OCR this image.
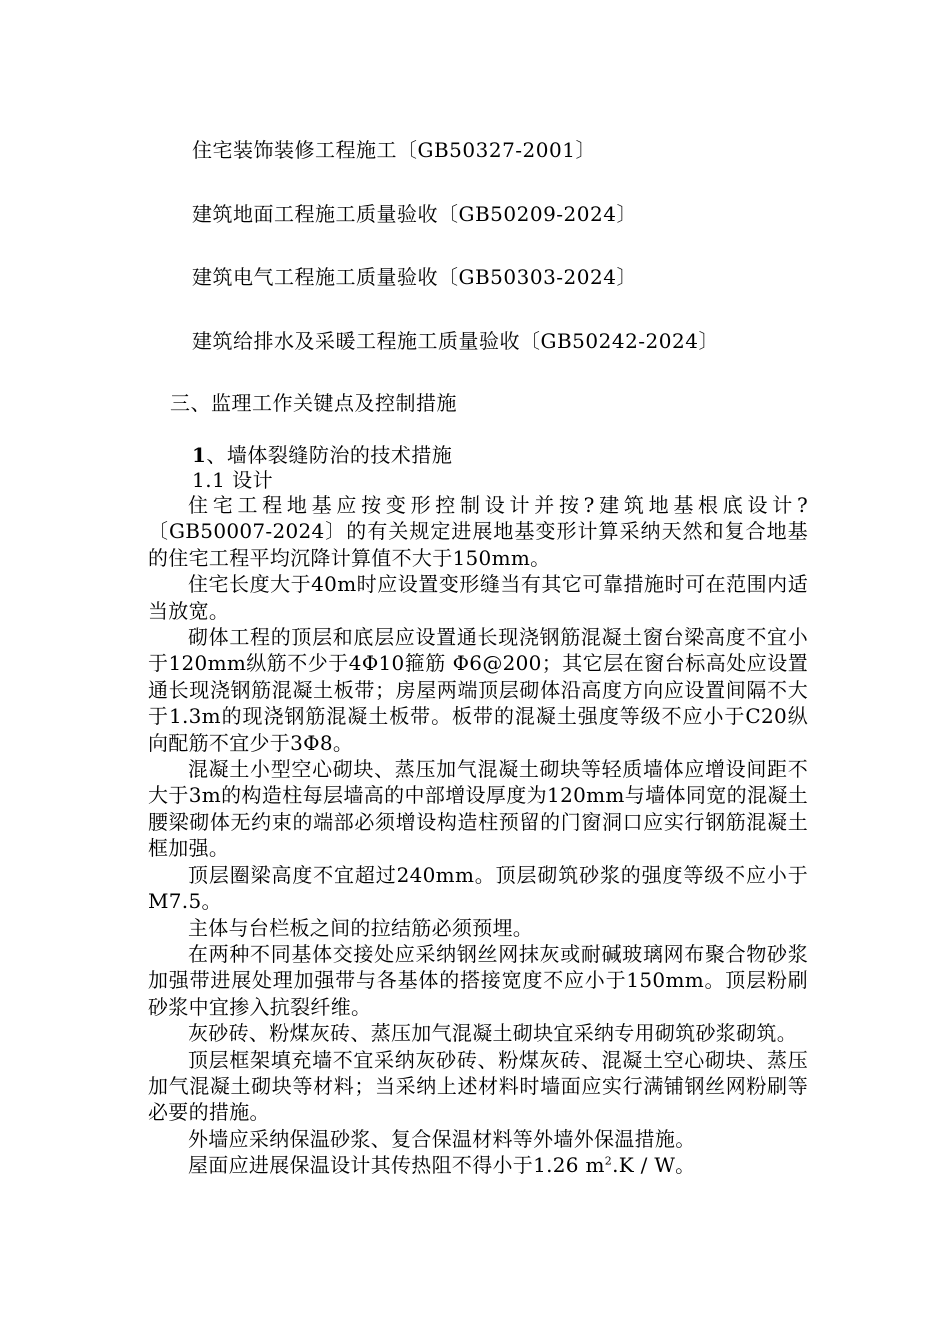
住宅装饰装修工程施工〔GB50327-2001〕
建筑地面工程施工质量验收〔GB50209-2024〕
建筑电气工程施工质量验收〔GB50303-2024〕
建筑给排水及采暖工程施工质量验收〔GB50242-2024〕
三、监理工作关键点及控制措施
1、墙体裂缝防治的技术措施
1.1 设计

住宅工程地基应按变形控制设计并按?建筑地基根底设计?〔GB50007-2024〕的有关规定进展地基变形计算采纳天然和复合地基的住宅工程平均沉降计算值不大于150mm。

住宅长度大于40m时应设置变形缝当有其它可靠措施时可在范围内适当放宽。

砌体工程的顶层和底层应设置通长现浇钢筋混凝土窗台梁高度不宜小于120mm纵筋不少于4Φ10箍筋 Φ6@200；其它层在窗台标高处应设置通长现浇钢筋混凝土板带；房屋两端顶层砌体沿高度方向应设置间隔不大于1.3m的现浇钢筋混凝土板带。板带的混凝土强度等级不应小于C20纵向配筋不宜少于3Φ8。

混凝土小型空心砌块、蒸压加气混凝土砌块等轻质墙体应增设间距不大于3m的构造柱每层墙高的中部增设厚度为120mm与墙体同宽的混凝土腰梁砌体无约束的端部必须增设构造柱预留的门窗洞口应实行钢筋混凝土框加强。

顶层圈梁高度不宜超过240mm。顶层砌筑砂浆的强度等级不应小于M7.5。

主体与台栏板之间的拉结筋必须预埋。

在两种不同基体交接处应采纳钢丝网抹灰或耐碱玻璃网布聚合物砂浆加强带进展处理加强带与各基体的搭接宽度不应小于150mm。顶层粉刷砂浆中宜掺入抗裂纤维。

灰砂砖、粉煤灰砖、蒸压加气混凝土砌块宜采纳专用砌筑砂浆砌筑。

顶层框架填充墙不宜采纳灰砂砖、粉煤灰砖、混凝土空心砌块、蒸压加气混凝土砌块等材料；当采纳上述材料时墙面应实行满铺钢丝网粉刷等必要的措施。

外墙应采纳保温砂浆、复合保温材料等外墙外保温措施。

屋面应进展保温设计其传热阻不得小于1.26 $m^2.K$ / W。
